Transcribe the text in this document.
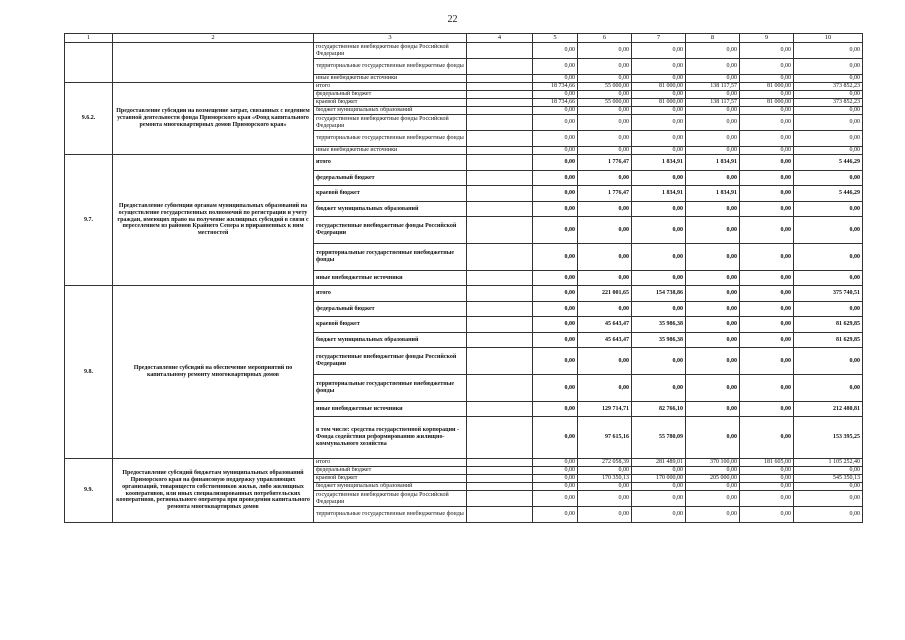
22
1	2	3	4	5	6	7	8	9	10
		государственные внебюджетные фонды Российской Федерации		0,00	0,00	0,00	0,00	0,00	0,00
		территориальные государственные внебюджетные фонды		0,00	0,00	0,00	0,00	0,00	0,00
		иные внебюджетные источники		0,00	0,00	0,00	0,00	0,00	0,00
9.6.2.	Предоставление субсидии на возмещение затрат, связанных с ведением уставной деятельности фонда Приморского края «Фонд капитального ремонта многоквартирных домов Приморского края»	итого		18 734,66	55 000,00	81 000,00	138 117,57	81 000,00	373 852,23
		федеральный бюджет		0,00	0,00	0,00	0,00	0,00	0,00
		краевой бюджет		18 734,66	55 000,00	81 000,00	138 117,57	81 000,00	373 852,23
		бюджет муниципальных образований		0,00	0,00	0,00	0,00	0,00	0,00
		государственные внебюджетные фонды Российской Федерации		0,00	0,00	0,00	0,00	0,00	0,00
		территориальные государственные внебюджетные фонды		0,00	0,00	0,00	0,00	0,00	0,00
		иные внебюджетные источники		0,00	0,00	0,00	0,00	0,00	0,00
9.7.	Предоставление субвенции органам муниципальных образований на осуществление государственных полномочий по регистрации и учету граждан, имеющих право на получение жилищных субсидий в связи с переселением из районов Крайнего Севера и приравненных к ним местностей	итого		0,00	1 776,47	1 834,91	1 834,91	0,00	5 446,29
		федеральный бюджет		0,00	0,00	0,00	0,00	0,00	0,00
		краевой бюджет		0,00	1 776,47	1 834,91	1 834,91	0,00	5 446,29
		бюджет муниципальных образований		0,00	0,00	0,00	0,00	0,00	0,00
		государственные внебюджетные фонды Российской Федерации		0,00	0,00	0,00	0,00	0,00	0,00
		территориальные государственные внебюджетные фонды		0,00	0,00	0,00	0,00	0,00	0,00
		иные внебюджетные источники		0,00	0,00	0,00	0,00	0,00	0,00
9.8.	Предоставление субсидий на обеспечение мероприятий по капитальному ремонту многоквартирных домов	итого		0,00	221 001,65	154 738,86	0,00	0,00	375 740,51
		федеральный бюджет		0,00	0,00	0,00	0,00	0,00	0,00
		краевой бюджет		0,00	45 643,47	35 986,38	0,00	0,00	81 629,85
		бюджет муниципальных образований		0,00	45 643,47	35 986,38	0,00	0,00	81 629,85
		государственные внебюджетные фонды Российской Федерации		0,00	0,00	0,00	0,00	0,00	0,00
		территориальные государственные внебюджетные фонды		0,00	0,00	0,00	0,00	0,00	0,00
		иные внебюджетные источники		0,00	129 714,71	82 766,10	0,00	0,00	212 480,81
		в том числе: средства государственной корпорации - Фонда содействия реформированию жилищно-коммунального хозяйства		0,00	97 615,16	55 780,09	0,00	0,00	153 395,25
9.9.	Предоставление субсидий бюджетам муниципальных образований Приморского края на финансовую поддержку управляющих организаций, товариществ собственников жилья, либо жилищных кооперативов, или иных специализированных потребительских кооперативов, регионального оператора при проведении капитального ремонта многоквартирных домов	итого		0,00	272 058,39	281 489,01	370 100,00	181 605,00	1 105 252,40
		федеральный бюджет		0,00	0,00	0,00	0,00	0,00	0,00
		краевой бюджет		0,00	170 350,13	170 000,00	205 000,00	0,00	545 350,13
		бюджет муниципальных образований		0,00	0,00	0,00	0,00	0,00	0,00
		государственные внебюджетные фонды Российской Федерации		0,00	0,00	0,00	0,00	0,00	0,00
		территориальные государственные внебюджетные фонды		0,00	0,00	0,00	0,00	0,00	0,00
